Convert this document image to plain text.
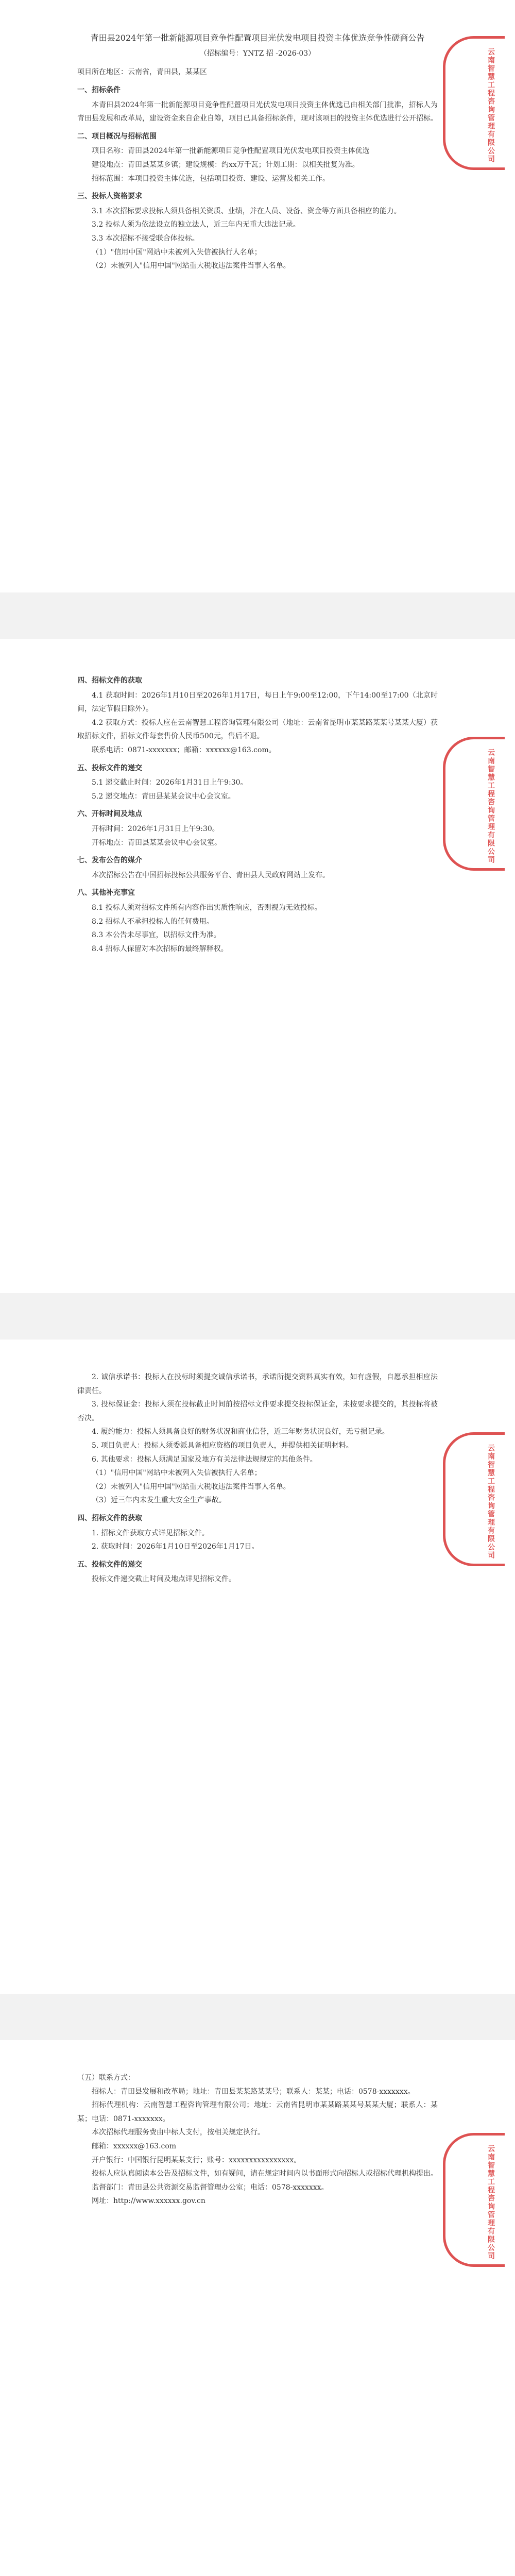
云南智慧工程咨询管理有限公司
云南智慧工程咨询管理有限公司
云南智慧工程咨询管理有限公司
云南智慧工程咨询管理有限公司

青田县2024年第一批新能源项目竞争性配置项目光伏发电项目投资主体优选竞争性磋商公告

（招标编号：YNTZ 招 -2026-03）

项目所在地区：云南省，青田县，某某区

一、招标条件

本青田县2024年第一批新能源项目竞争性配置项目光伏发电项目投资主体优选已由相关部门批准，招标人为青田县发展和改革局，建设资金来自企业自筹，项目已具备招标条件，现对该项目的投资主体优选进行公开招标。

二、项目概况与招标范围

项目名称：青田县2024年第一批新能源项目竞争性配置项目光伏发电项目投资主体优选

建设地点：青田县某某乡镇；建设规模：约xx万千瓦；计划工期：以相关批复为准。

招标范围：本项目投资主体优选，包括项目投资、建设、运营及相关工作。

三、投标人资格要求

3.1 本次招标要求投标人须具备相关资质、业绩，并在人员、设备、资金等方面具备相应的能力。

3.2 投标人须为依法设立的独立法人，近三年内无重大违法记录。

3.3 本次招标不接受联合体投标。

（1）"信用中国"网站中未被列入失信被执行人名单；

（2）未被列入"信用中国"网站重大税收违法案件当事人名单。

四、招标文件的获取

4.1 获取时间：2026年1月10日至2026年1月17日，每日上午9:00至12:00，下午14:00至17:00（北京时间，法定节假日除外）。

4.2 获取方式：投标人应在云南智慧工程咨询管理有限公司（地址：云南省昆明市某某路某某号某某大厦）获取招标文件，招标文件每套售价人民币500元，售后不退。

联系电话：0871-xxxxxxx；邮箱：xxxxxx@163.com。

五、投标文件的递交

5.1 递交截止时间：2026年1月31日上午9:30。

5.2 递交地点：青田县某某会议中心会议室。

六、开标时间及地点

开标时间：2026年1月31日上午9:30。

开标地点：青田县某某会议中心会议室。

七、发布公告的媒介

本次招标公告在中国招标投标公共服务平台、青田县人民政府网站上发布。

八、其他补充事宜

8.1 投标人须对招标文件所有内容作出实质性响应，否则视为无效投标。

8.2 招标人不承担投标人的任何费用。

8.3 本公告未尽事宜，以招标文件为准。

8.4 招标人保留对本次招标的最终解释权。

2. 诚信承诺书：投标人在投标时须提交诚信承诺书，承诺所提交资料真实有效，如有虚假，自愿承担相应法律责任。

3. 投标保证金：投标人须在投标截止时间前按招标文件要求提交投标保证金，未按要求提交的，其投标将被否决。

4. 履约能力：投标人须具备良好的财务状况和商业信誉，近三年财务状况良好，无亏损记录。

5. 项目负责人：投标人须委派具备相应资格的项目负责人，并提供相关证明材料。

6. 其他要求：投标人须满足国家及地方有关法律法规规定的其他条件。

（1）"信用中国"网站中未被列入失信被执行人名单；

（2）未被列入"信用中国"网站重大税收违法案件当事人名单。

（3）近三年内未发生重大安全生产事故。

四、招标文件的获取

1. 招标文件获取方式详见招标文件。

2. 获取时间：2026年1月10日至2026年1月17日。

五、投标文件的递交

投标文件递交截止时间及地点详见招标文件。

（五）联系方式：

招标人：青田县发展和改革局；地址：青田县某某路某某号；联系人：某某；电话：0578-xxxxxxx。

招标代理机构：云南智慧工程咨询管理有限公司；地址：云南省昆明市某某路某某号某某大厦；联系人：某某；电话：0871-xxxxxxx。

本次招标代理服务费由中标人支付，按相关规定执行。

邮箱：xxxxxx@163.com

开户银行：中国银行昆明某某支行；账号：xxxxxxxxxxxxxxxx。

投标人应认真阅读本公告及招标文件，如有疑问，请在规定时间内以书面形式向招标人或招标代理机构提出。

监督部门：青田县公共资源交易监督管理办公室；电话：0578-xxxxxxx。

网址：http://www.xxxxxx.gov.cn
